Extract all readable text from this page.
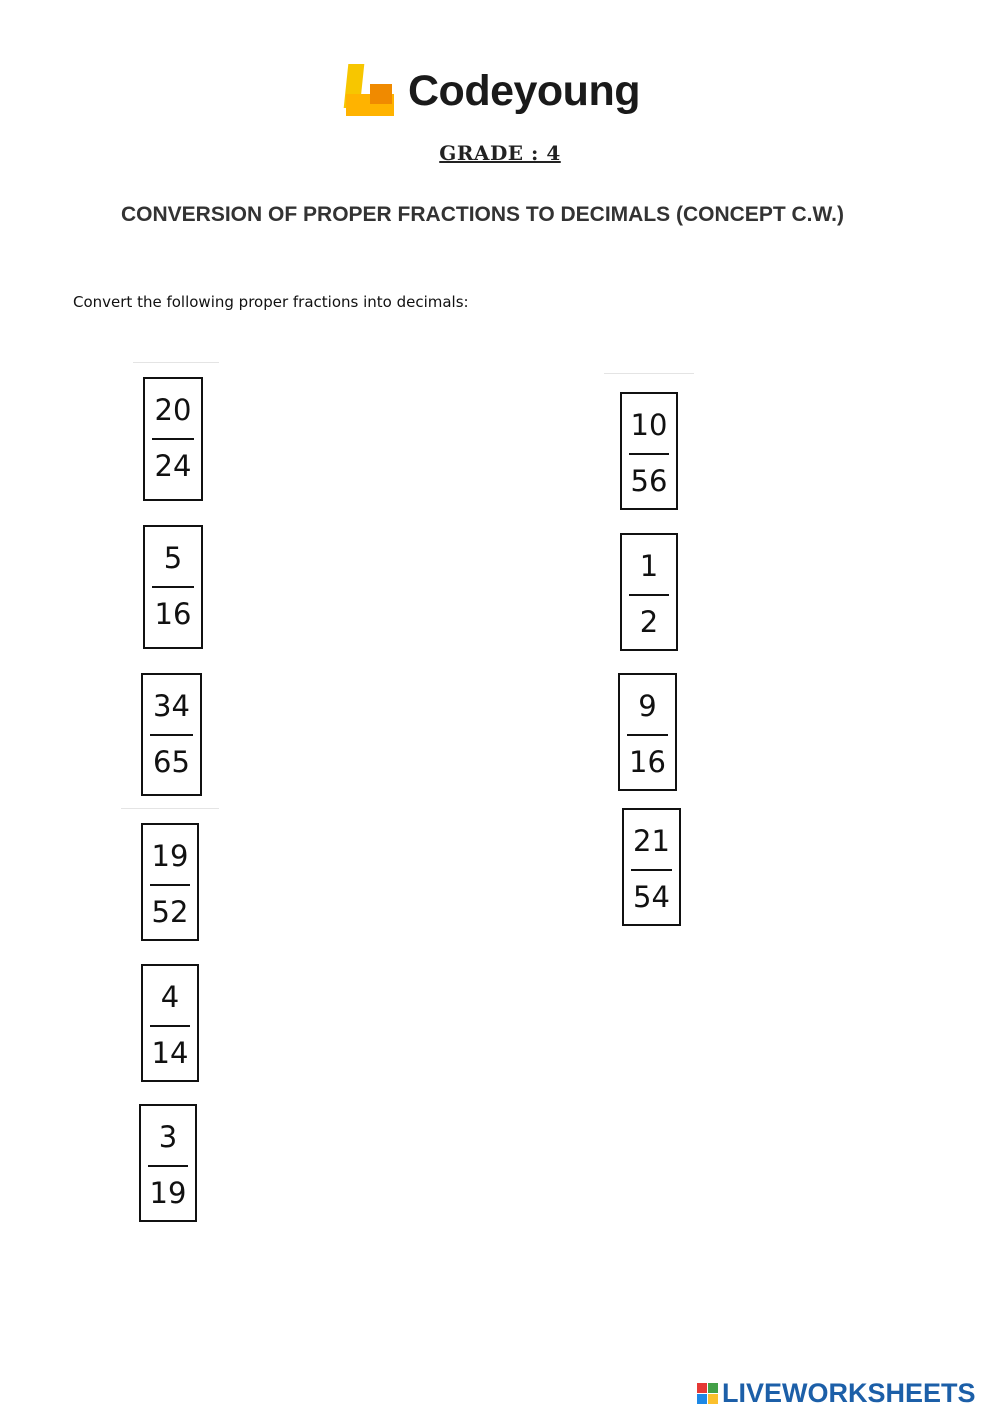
Codeyoung
GRADE : 4
CONVERSION OF PROPER FRACTIONS TO DECIMALS (CONCEPT C.W.)
Convert the following proper fractions into decimals:
20
24
5
16
34
65
19
52
4
14
3
19
10
56
1
2
9
16
21
54
LIVEWORKSHEETS
